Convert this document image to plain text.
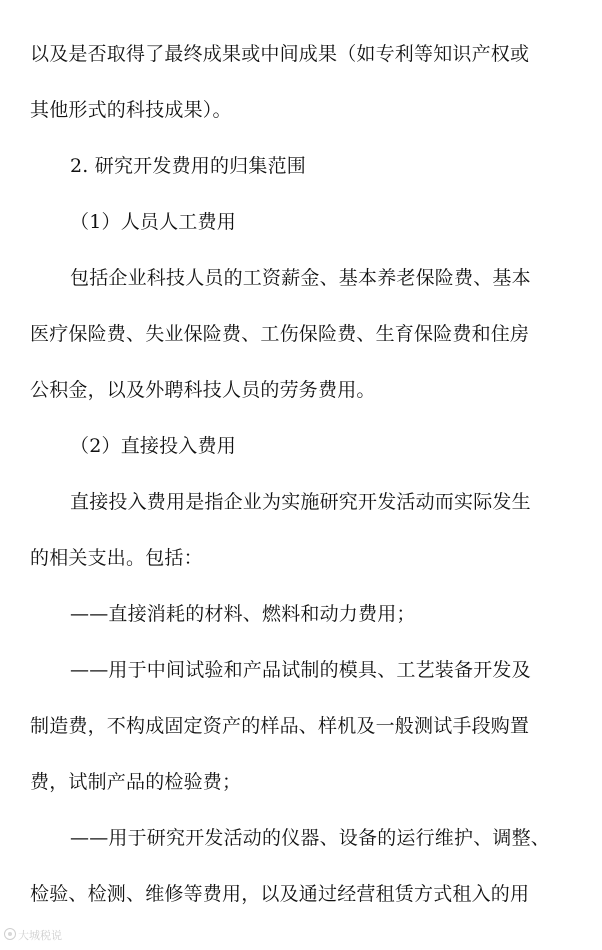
以及是否取得了最终成果或中间成果（如专利等知识产权或
其他形式的科技成果）。
2. 研究开发费用的归集范围
（1）人员人工费用
包括企业科技人员的工资薪金、基本养老保险费、基本
医疗保险费、失业保险费、工伤保险费、生育保险费和住房
公积金，以及外聘科技人员的劳务费用。
（2）直接投入费用
直接投入费用是指企业为实施研究开发活动而实际发生
的相关支出。包括：
——直接消耗的材料、燃料和动力费用；
——用于中间试验和产品试制的模具、工艺装备开发及
制造费，不构成固定资产的样品、样机及一般测试手段购置
费，试制产品的检验费；
——用于研究开发活动的仪器、设备的运行维护、调整、
检验、检测、维修等费用，以及通过经营租赁方式租入的用
大城税说
